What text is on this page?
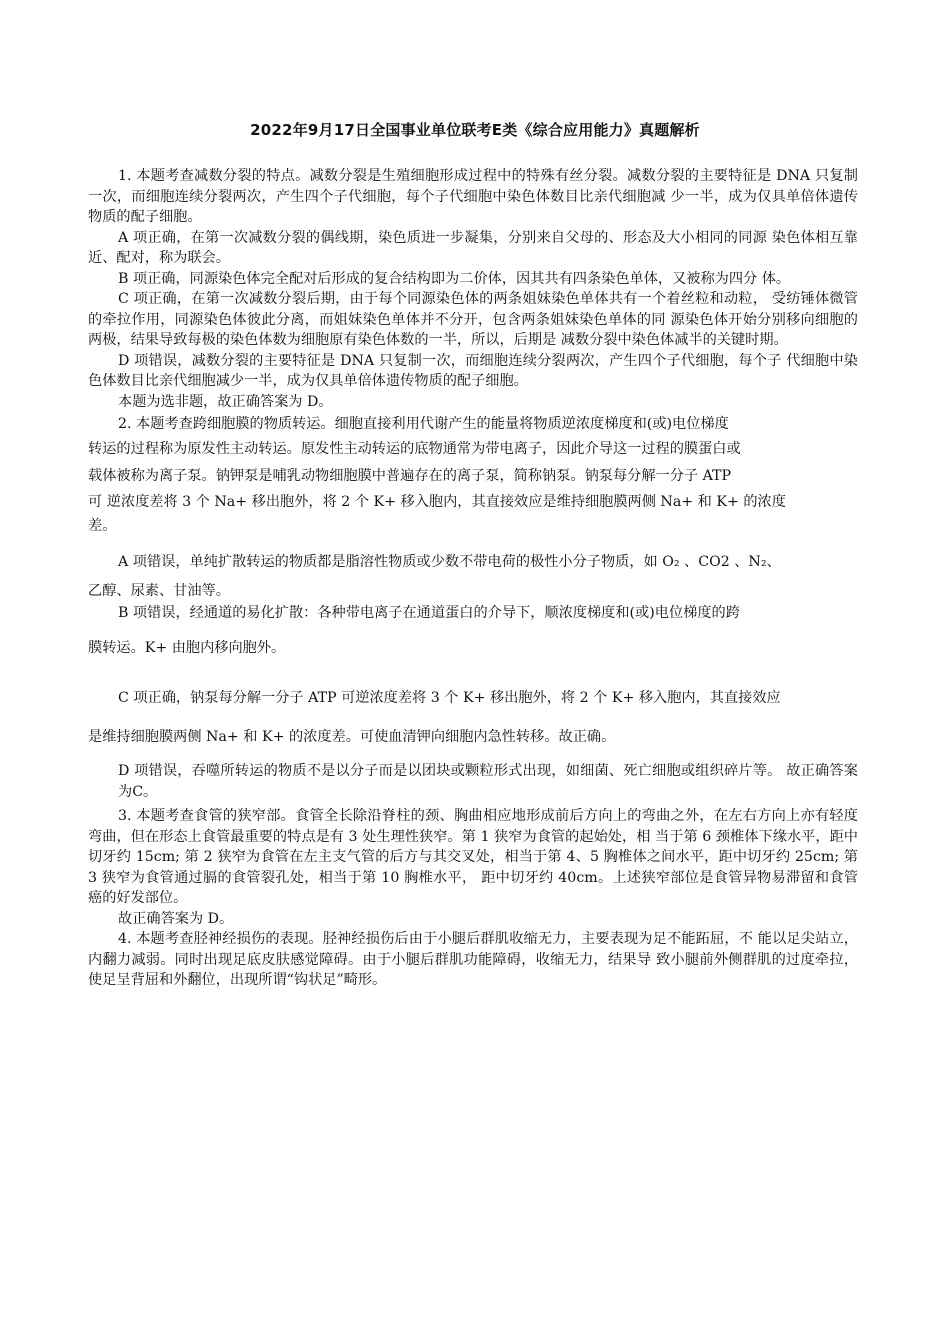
2022年9月17日全国事业单位联考E类《综合应用能力》真题解析

1. 本题考查减数分裂的特点。减数分裂是生殖细胞形成过程中的特殊有丝分裂。减数分裂的主要特征是 DNA 只复制一次，而细胞连续分裂两次，产生四个子代细胞，每个子代细胞中染色体数目比亲代细胞减 少一半，成为仅具单倍体遗传物质的配子细胞。

A 项正确，在第一次减数分裂的偶线期，染色质进一步凝集，分别来自父母的、形态及大小相同的同源 染色体相互靠近、配对，称为联会。

B 项正确，同源染色体完全配对后形成的复合结构即为二价体，因其共有四条染色单体，又被称为四分 体。

C 项正确，在第一次减数分裂后期，由于每个同源染色体的两条姐妹染色单体共有一个着丝粒和动粒， 受纺锤体微管的牵拉作用，同源染色体彼此分离，而姐妹染色单体并不分开，包含两条姐妹染色单体的同 源染色体开始分别移向细胞的两极，结果导致每极的染色体数为细胞原有染色体数的一半，所以，后期是 减数分裂中染色体减半的关键时期。

D 项错误，减数分裂的主要特征是 DNA 只复制一次，而细胞连续分裂两次，产生四个子代细胞，每个子 代细胞中染色体数目比亲代细胞减少一半，成为仅具单倍体遗传物质的配子细胞。

本题为选非题，故正确答案为 D。

2. 本题考查跨细胞膜的物质转运。细胞直接利用代谢产生的能量将物质逆浓度梯度和(或)电位梯度

转运的过程称为原发性主动转运。原发性主动转运的底物通常为带电离子，因此介导这一过程的膜蛋白或

载体被称为离子泵。钠钾泵是哺乳动物细胞膜中普遍存在的离子泵，简称钠泵。钠泵每分解一分子 ATP

可 逆浓度差将 3 个 Na+ 移出胞外，将 2 个 K+ 移入胞内，其直接效应是维持细胞膜两侧 Na+ 和 K+ 的浓度

差。

A 项错误，单纯扩散转运的物质都是脂溶性物质或少数不带电荷的极性小分子物质，如 O₂ 、CO2 、N₂、

乙醇、尿素、甘油等。

B 项错误，经通道的易化扩散：各种带电离子在通道蛋白的介导下，顺浓度梯度和(或)电位梯度的跨

膜转运。K+ 由胞内移向胞外。

C 项正确，钠泵每分解一分子 ATP 可逆浓度差将 3 个 K+ 移出胞外，将 2 个 K+ 移入胞内，其直接效应

是维持细胞膜两侧 Na+ 和 K+ 的浓度差。可使血清钾向细胞内急性转移。故正确。

D 项错误，吞噬所转运的物质不是以分子而是以团块或颗粒形式出现，如细菌、死亡细胞或组织碎片等。 故正确答案为C。

3. 本题考查食管的狭窄部。食管全长除沿脊柱的颈、胸曲相应地形成前后方向上的弯曲之外，在左右方向上亦有轻度弯曲，但在形态上食管最重要的特点是有 3 处生理性狭窄。第 1 狭窄为食管的起始处，相 当于第 6 颈椎体下缘水平，距中切牙约 15cm; 第 2 狭窄为食管在左主支气管的后方与其交叉处，相当于第 4、5 胸椎体之间水平，距中切牙约 25cm; 第 3 狭窄为食管通过膈的食管裂孔处，相当于第 10 胸椎水平， 距中切牙约 40cm。上述狭窄部位是食管异物易滞留和食管癌的好发部位。

故正确答案为 D。

4. 本题考查胫神经损伤的表现。胫神经损伤后由于小腿后群肌收缩无力，主要表现为足不能跖屈，不 能以足尖站立，内翻力减弱。同时出现足底皮肤感觉障碍。由于小腿后群肌功能障碍，收缩无力，结果导 致小腿前外侧群肌的过度牵拉，使足呈背屈和外翻位，出现所谓“钩状足”畸形。
